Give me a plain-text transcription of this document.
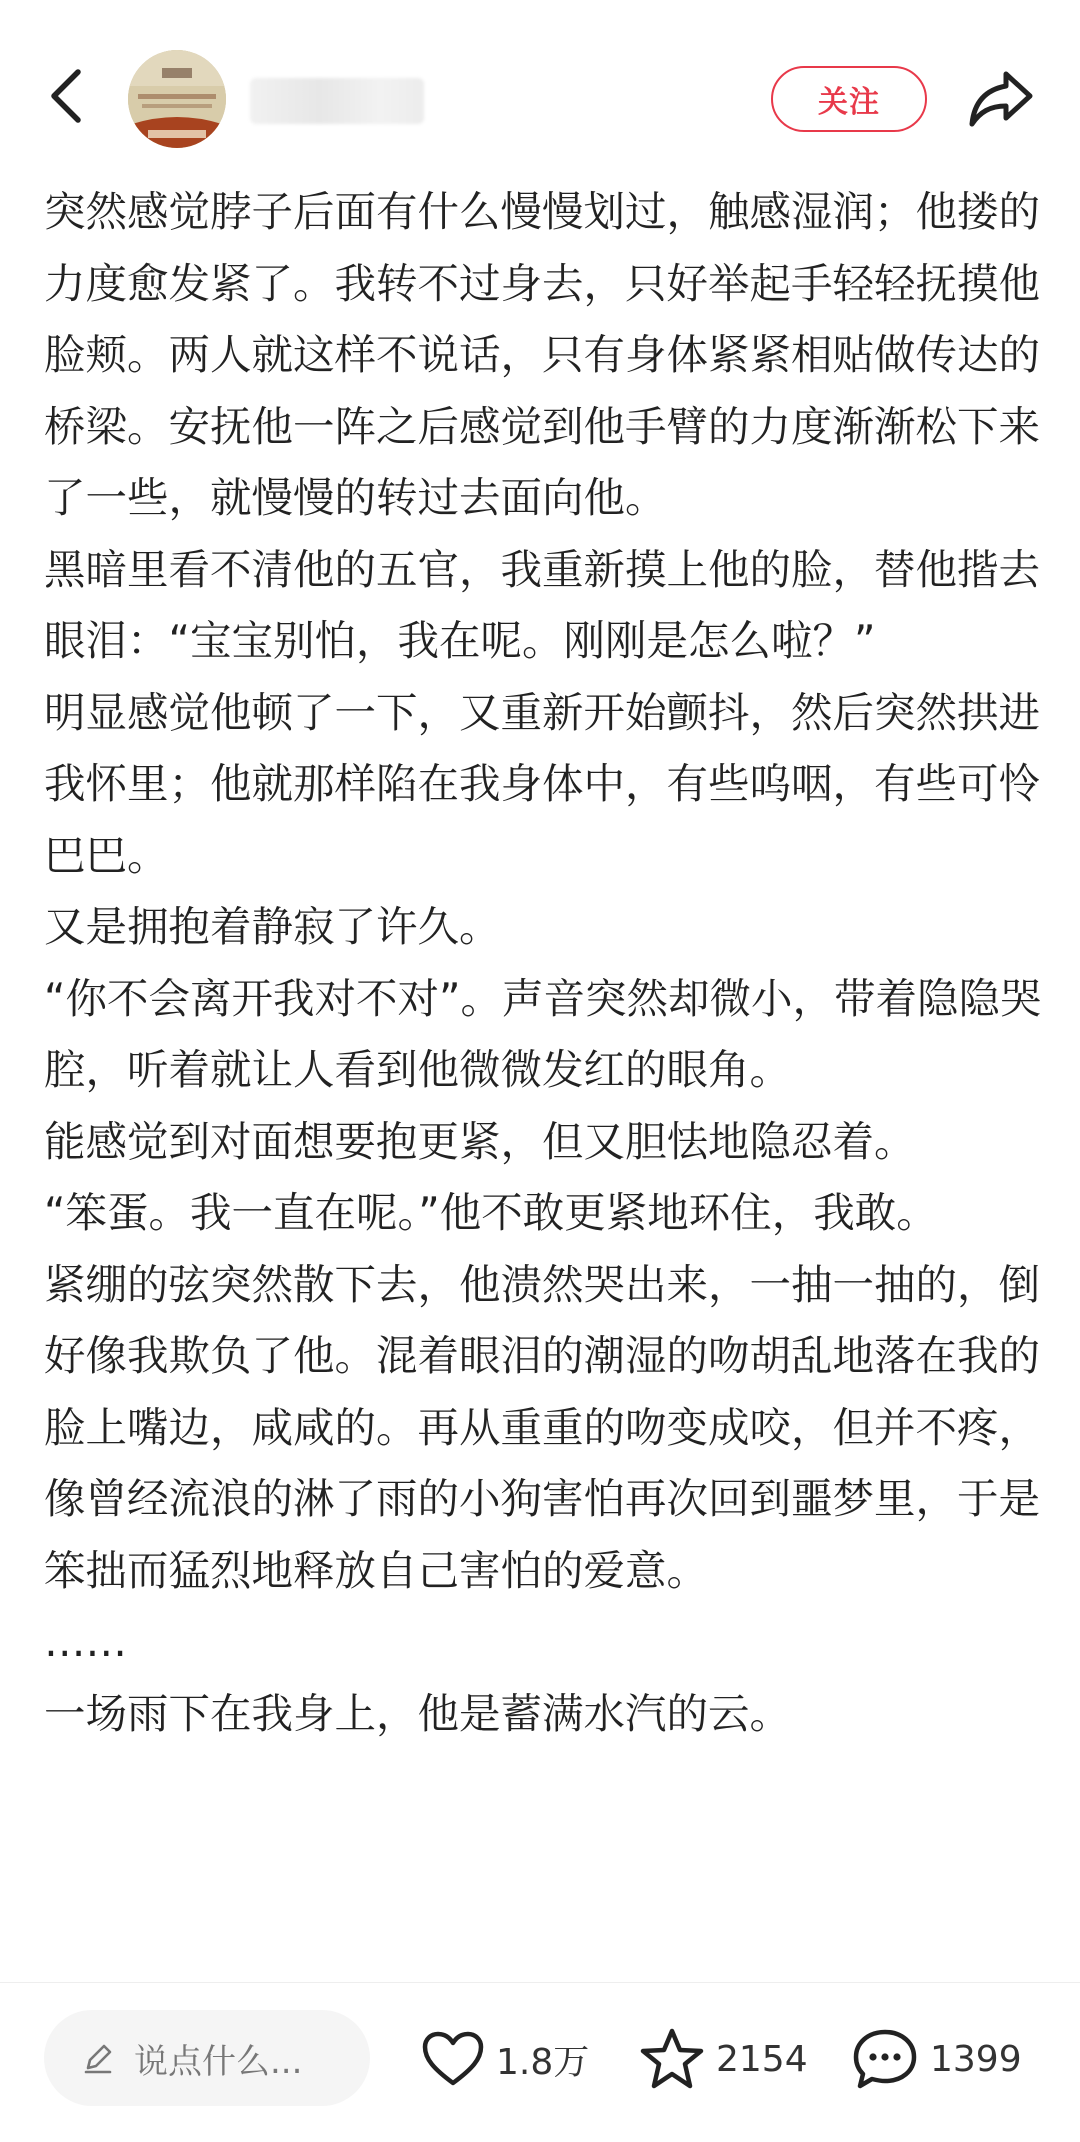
关注

突然感觉脖子后面有什么慢慢划过，触感湿润；他搂的力度愈发紧了。我转不过身去，只好举起手轻轻抚摸他脸颊。两人就这样不说话，只有身体紧紧相贴做传达的桥梁。安抚他一阵之后感觉到他手臂的力度渐渐松下来了一些，就慢慢的转过去面向他。

黑暗里看不清他的五官，我重新摸上他的脸，替他揩去眼泪：“宝宝别怕，我在呢。刚刚是怎么啦？”

明显感觉他顿了一下，又重新开始颤抖，然后突然拱进我怀里；他就那样陷在我身体中，有些呜咽，有些可怜巴巴。

又是拥抱着静寂了许久。

“你不会离开我对不对”。声音突然却微小，带着隐隐哭腔，听着就让人看到他微微发红的眼角。

能感觉到对面想要抱更紧，但又胆怯地隐忍着。

“笨蛋。我一直在呢。”他不敢更紧地环住，我敢。

紧绷的弦突然散下去，他溃然哭出来，一抽一抽的，倒好像我欺负了他。混着眼泪的潮湿的吻胡乱地落在我的脸上嘴边，咸咸的。再从重重的吻变成咬，但并不疼，像曾经流浪的淋了雨的小狗害怕再次回到噩梦里，于是笨拙而猛烈地释放自己害怕的爱意。

……

一场雨下在我身上，他是蓄满水汽的云。

说点什么...	1.8万	2154	1399
